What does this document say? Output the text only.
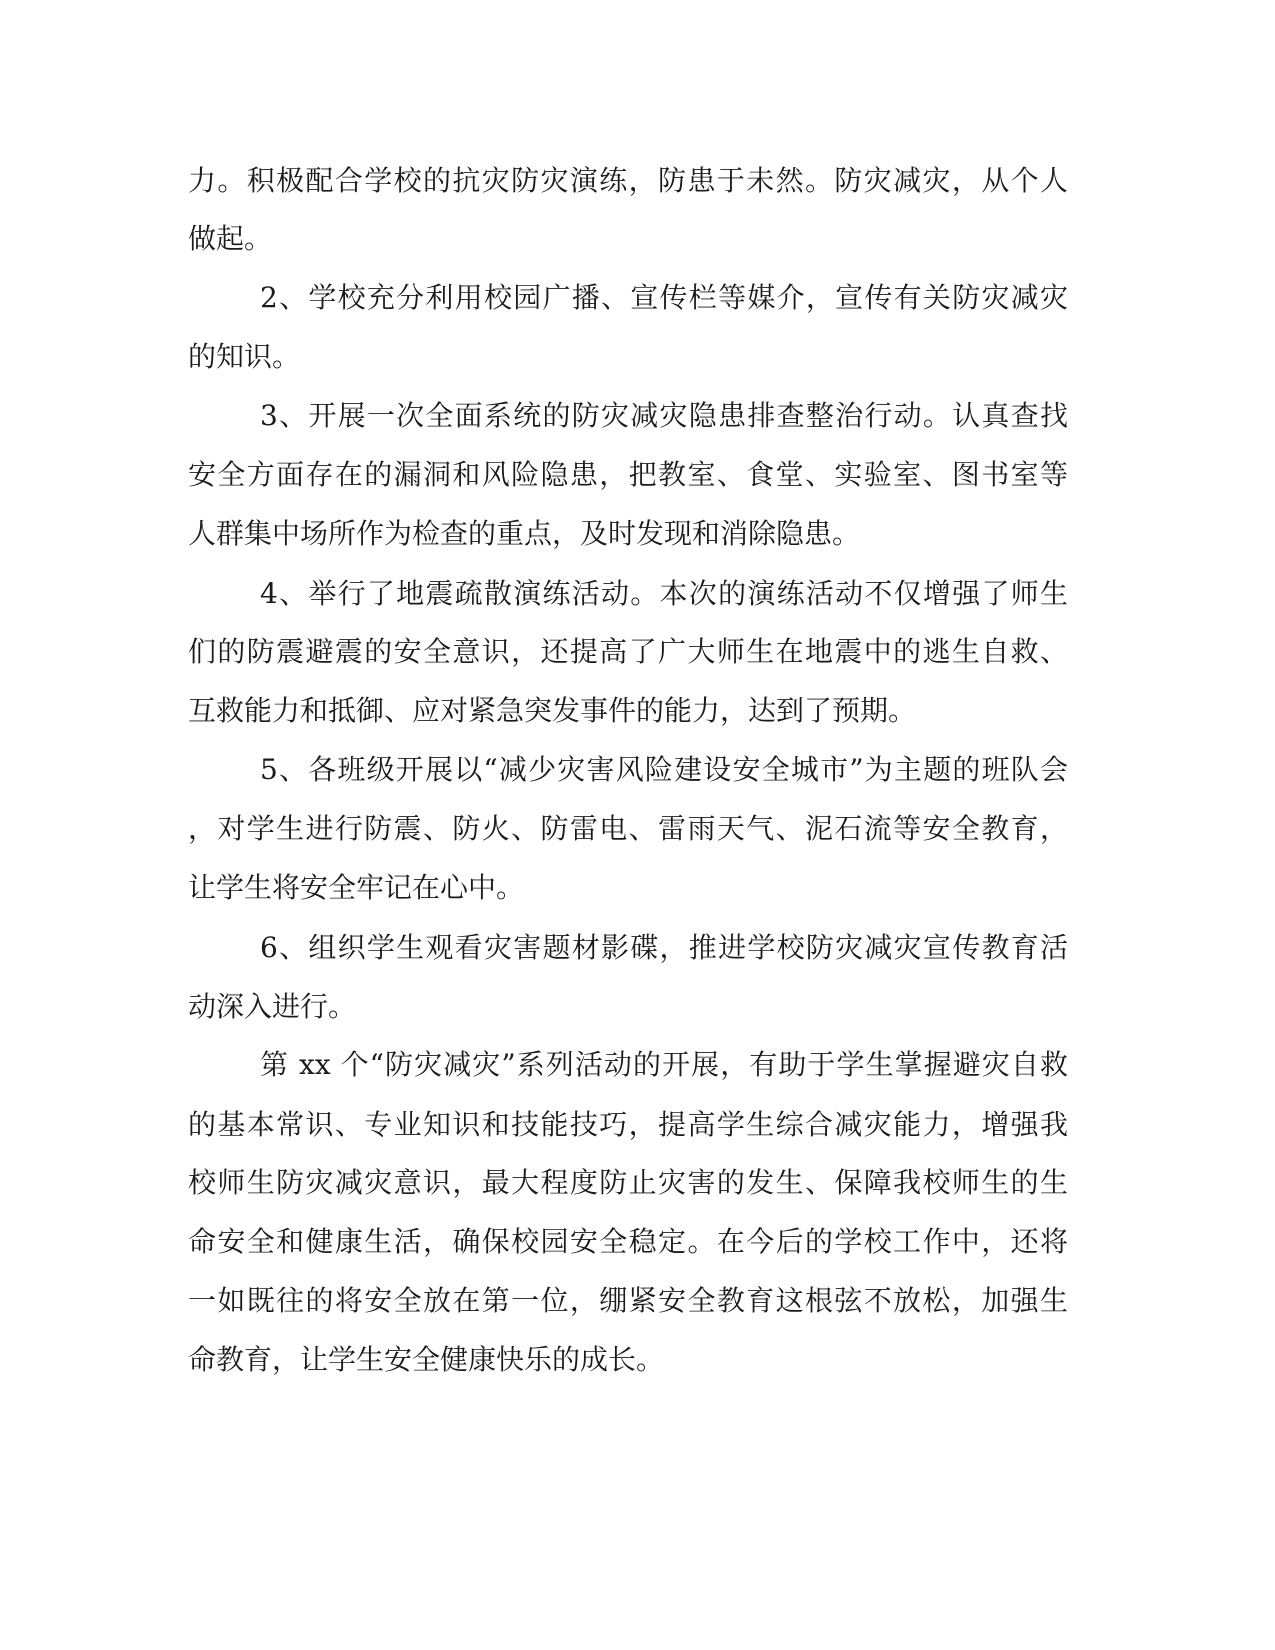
力。积极配合学校的抗灾防灾演练，防患于未然。防灾减灾，从个人
做起。
2、学校充分利用校园广播、宣传栏等媒介，宣传有关防灾减灾
的知识。
3、开展一次全面系统的防灾减灾隐患排查整治行动。认真查找
安全方面存在的漏洞和风险隐患，把教室、食堂、实验室、图书室等
人群集中场所作为检查的重点，及时发现和消除隐患。
4、举行了地震疏散演练活动。本次的演练活动不仅增强了师生
们的防震避震的安全意识，还提高了广大师生在地震中的逃生自救、
互救能力和抵御、应对紧急突发事件的能力，达到了预期。
5、各班级开展以“减少灾害风险建设安全城市”为主题的班队会
，对学生进行防震、防火、防雷电、雷雨天气、泥石流等安全教育，
让学生将安全牢记在心中。
6、组织学生观看灾害题材影碟，推进学校防灾减灾宣传教育活
动深入进行。
第 xx 个“防灾减灾”系列活动的开展，有助于学生掌握避灾自救
的基本常识、专业知识和技能技巧，提高学生综合减灾能力，增强我
校师生防灾减灾意识，最大程度防止灾害的发生、保障我校师生的生
命安全和健康生活，确保校园安全稳定。在今后的学校工作中，还将
一如既往的将安全放在第一位，绷紧安全教育这根弦不放松，加强生
命教育，让学生安全健康快乐的成长。
